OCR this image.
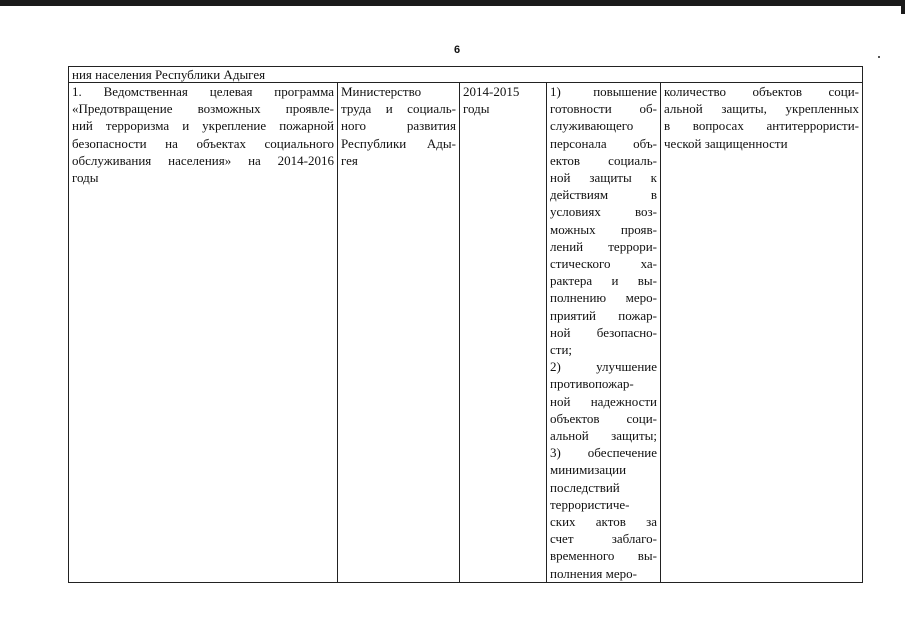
6
ния населения Республики Адыгея

1. Ведомственная целевая программа
«Предотвращение возможных проявле-
ний терроризма и укрепление пожарной
безопасности на объектах социального
обслуживания населения» на 2014-2016
годы

Министерство
труда и социаль-
ного развития
Республики Ады-
гея

2014-2015
годы

1) повышение
готовности об-
служивающего
персонала объ-
ектов социаль-
ной защиты к
действиям в
условиях воз-
можных прояв-
лений террори-
стического ха-
рактера и вы-
полнению меро-
приятий пожар-
ной безопасно-
сти;
2) улучшение
противопожар-
ной надежности
объектов соци-
альной защиты;
3) обеспечение
минимизации
последствий
террористиче-
ских актов за
счет заблаго-
временного вы-
полнения меро-

количество объектов соци-
альной защиты, укрепленных
в вопросах антитеррористи-
ческой защищенности
